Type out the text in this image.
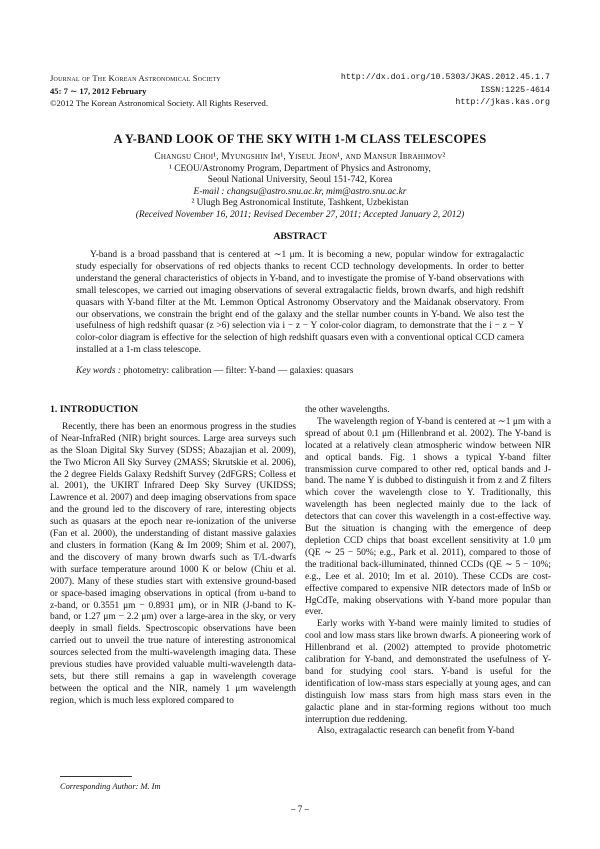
Journal of The Korean Astronomical Society
45: 7 ∼ 17, 2012 February
©2012 The Korean Astronomical Society. All Rights Reserved.
http://dx.doi.org/10.5303/JKAS.2012.45.1.7
ISSN:1225-4614
http://jkas.kas.org
A Y-BAND LOOK OF THE SKY WITH 1-M CLASS TELESCOPES
Changsu Choi¹, Myungshin Im¹, Yiseul Jeon¹, and Mansur Ibrahimov²
¹ CEOU/Astronomy Program, Department of Physics and Astronomy,
Seoul National University, Seoul 151-742, Korea
E-mail : changsu@astro.snu.ac.kr, mim@astro.snu.ac.kr
² Ulugh Beg Astronomical Institute, Tashkent, Uzbekistan
(Received November 16, 2011; Revised December 27, 2011; Accepted January 2, 2012)
ABSTRACT
Y-band is a broad passband that is centered at ∼1 μm. It is becoming a new, popular window for extragalactic study especially for observations of red objects thanks to recent CCD technology developments. In order to better understand the general characteristics of objects in Y-band, and to investigate the promise of Y-band observations with small telescopes, we carried out imaging observations of several extragalactic fields, brown dwarfs, and high redshift quasars with Y-band filter at the Mt. Lemmon Optical Astronomy Observatory and the Maidanak observatory. From our observations, we constrain the bright end of the galaxy and the stellar number counts in Y-band. We also test the usefulness of high redshift quasar (z >6) selection via i − z − Y color-color diagram, to demonstrate that the i − z − Y color-color diagram is effective for the selection of high redshift quasars even with a conventional optical CCD camera installed at a 1-m class telescope.
Key words : photometry: calibration — filter: Y-band — galaxies: quasars
1. INTRODUCTION

Recently, there has been an enormous progress in the studies of Near-InfraRed (NIR) bright sources. Large area surveys such as the Sloan Digital Sky Survey (SDSS; Abazajian et al. 2009), the Two Micron All Sky Survey (2MASS; Skrutskie et al. 2006), the 2 degree Fields Galaxy Redshift Survey (2dFGRS; Colless et al. 2001), the UKIRT Infrared Deep Sky Survey (UKIDSS; Lawrence et al. 2007) and deep imaging observations from space and the ground led to the discovery of rare, interesting objects such as quasars at the epoch near re-ionization of the universe (Fan et al. 2000), the understanding of distant massive galaxies and clusters in formation (Kang & Im 2009; Shim et al. 2007), and the discovery of many brown dwarfs such as T/L-dwarfs with surface temperature around 1000 K or below (Chiu et al. 2007). Many of these studies start with extensive ground-based or space-based imaging observations in optical (from u-band to z-band, or 0.3551 μm − 0.8931 μm), or in NIR (J-band to K-band, or 1.27 μm − 2.2 μm) over a large-area in the sky, or very deeply in small fields. Spectroscopic observations have been carried out to unveil the true nature of interesting astronomical sources selected from the multi-wavelength imaging data. These previous studies have provided valuable multi-wavelength data-sets, but there still remains a gap in wavelength coverage between the optical and the NIR, namely 1 μm wavelength region, which is much less explored compared to

the other wavelengths.

The wavelength region of Y-band is centered at ∼1 μm with a spread of about 0.1 μm (Hillenbrand et al. 2002). The Y-band is located at a relatively clean atmospheric window between NIR and optical bands. Fig. 1 shows a typical Y-band filter transmission curve compared to other red, optical bands and J-band. The name Y is dubbed to distinguish it from z and Z filters which cover the wavelength close to Y. Traditionally, this wavelength has been neglected mainly due to the lack of detectors that can cover this wavelength in a cost-effective way. But the situation is changing with the emergence of deep depletion CCD chips that boast excellent sensitivity at 1.0 μm (QE ∼ 25 − 50%; e.g., Park et al. 2011), compared to those of the traditional back-illuminated, thinned CCDs (QE ∼ 5 − 10%; e.g., Lee et al. 2010; Im et al. 2010). These CCDs are cost-effective compared to expensive NIR detectors made of InSb or HgCdTe, making observations with Y-band more popular than ever.

Early works with Y-band were mainly limited to studies of cool and low mass stars like brown dwarfs. A pioneering work of Hillenbrand et al. (2002) attempted to provide photometric calibration for Y-band, and demonstrated the usefulness of Y-band for studying cool stars. Y-band is useful for the identification of low-mass stars especially at young ages, and can distinguish low mass stars from high mass stars even in the galactic plane and in star-forming regions without too much interruption due reddening.

Also, extragalactic research can benefit from Y-band

Corresponding Author: M. Im
– 7 –
